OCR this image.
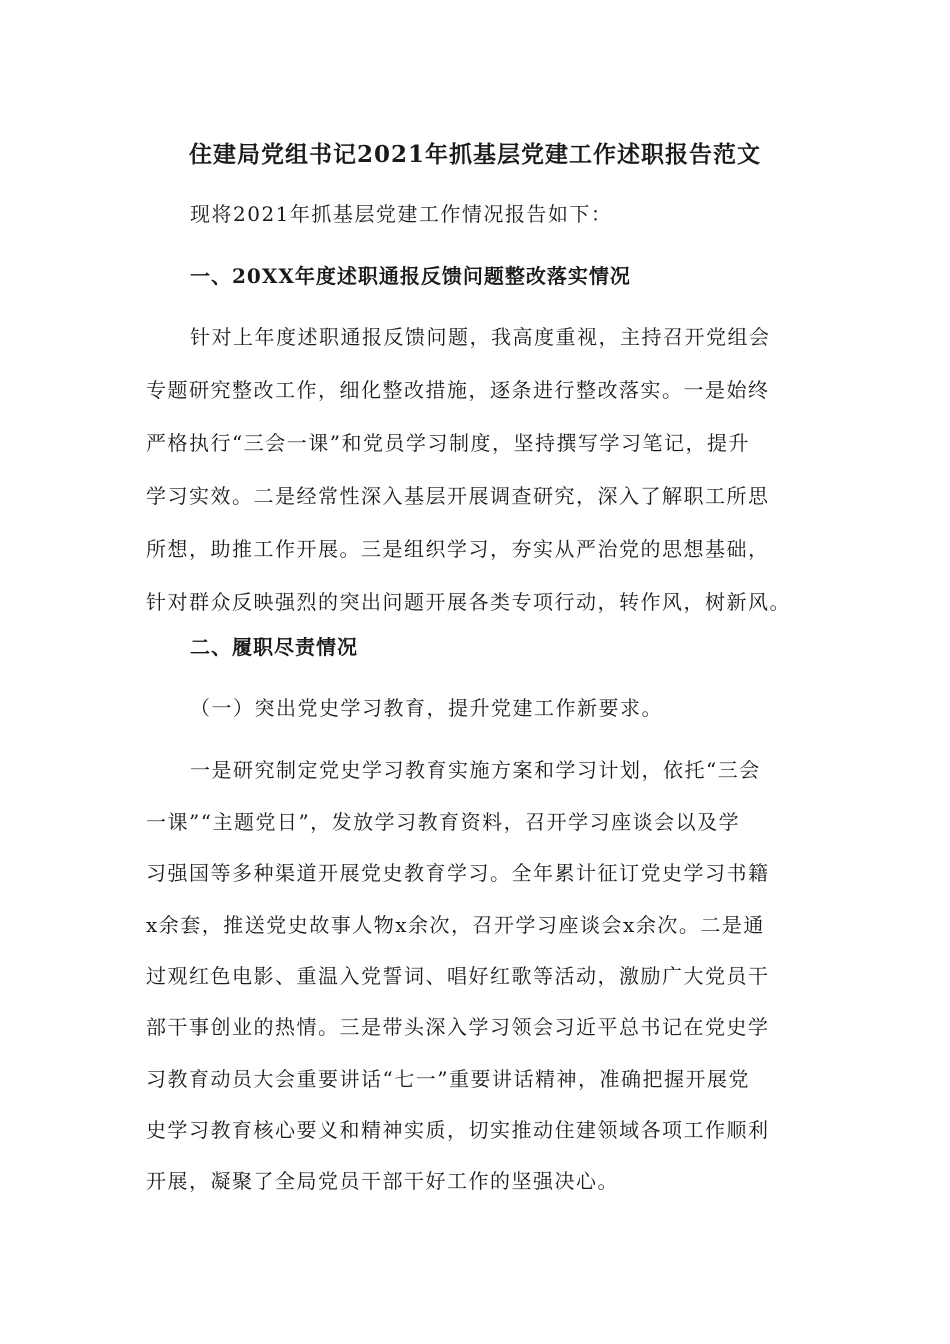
住建局党组书记2021年抓基层党建工作述职报告范文
现将2021年抓基层党建工作情况报告如下：
一、20XX年度述职通报反馈问题整改落实情况
针对上年度述职通报反馈问题，我高度重视，主持召开党组会
专题研究整改工作，细化整改措施，逐条进行整改落实。一是始终
严格执行“三会一课”和党员学习制度，坚持撰写学习笔记，提升
学习实效。二是经常性深入基层开展调查研究，深入了解职工所思
所想，助推工作开展。三是组织学习，夯实从严治党的思想基础，
针对群众反映强烈的突出问题开展各类专项行动，转作风，树新风。
二、履职尽责情况
（一）突出党史学习教育，提升党建工作新要求。
一是研究制定党史学习教育实施方案和学习计划，依托“三会
一课”“主题党日”，发放学习教育资料，召开学习座谈会以及学
习强国等多种渠道开展党史教育学习。全年累计征订党史学习书籍
x余套，推送党史故事人物x余次，召开学习座谈会x余次。二是通
过观红色电影、重温入党誓词、唱好红歌等活动，激励广大党员干
部干事创业的热情。三是带头深入学习领会习近平总书记在党史学
习教育动员大会重要讲话“七一”重要讲话精神，准确把握开展党
史学习教育核心要义和精神实质，切实推动住建领域各项工作顺利
开展，凝聚了全局党员干部干好工作的坚强决心。
